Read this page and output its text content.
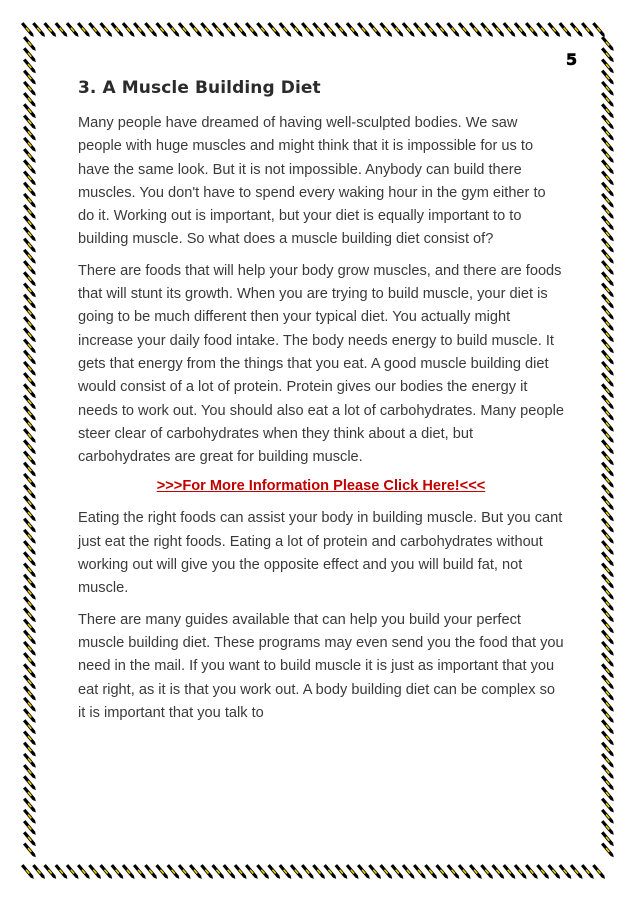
5
3. A Muscle Building Diet

Many people have dreamed of having well-sculpted bodies. We saw people with huge muscles and might think that it is impossible for us to have the same look. But it is not impossible. Anybody can build there muscles. You don't have to spend every waking hour in the gym either to do it. Working out is important, but your diet is equally important to to building muscle. So what does a muscle building diet consist of?

There are foods that will help your body grow muscles, and there are foods that will stunt its growth. When you are trying to build muscle, your diet is going to be much different then your typical diet. You actually might increase your daily food intake. The body needs energy to build muscle. It gets that energy from the things that you eat. A good muscle building diet would consist of a lot of protein. Protein gives our bodies the energy it needs to work out. You should also eat a lot of carbohydrates. Many people steer clear of carbohydrates when they think about a diet, but carbohydrates are great for building muscle.

>>>For More Information Please Click Here!<<<

Eating the right foods can assist your body in building muscle. But you cant just eat the right foods. Eating a lot of protein and carbohydrates without working out will give you the opposite effect and you will build fat, not muscle.

There are many guides available that can help you build your perfect muscle building diet. These programs may even send you the food that you need in the mail. If you want to build muscle it is just as important that you eat right, as it is that you work out. A body building diet can be complex so it is important that you talk to
